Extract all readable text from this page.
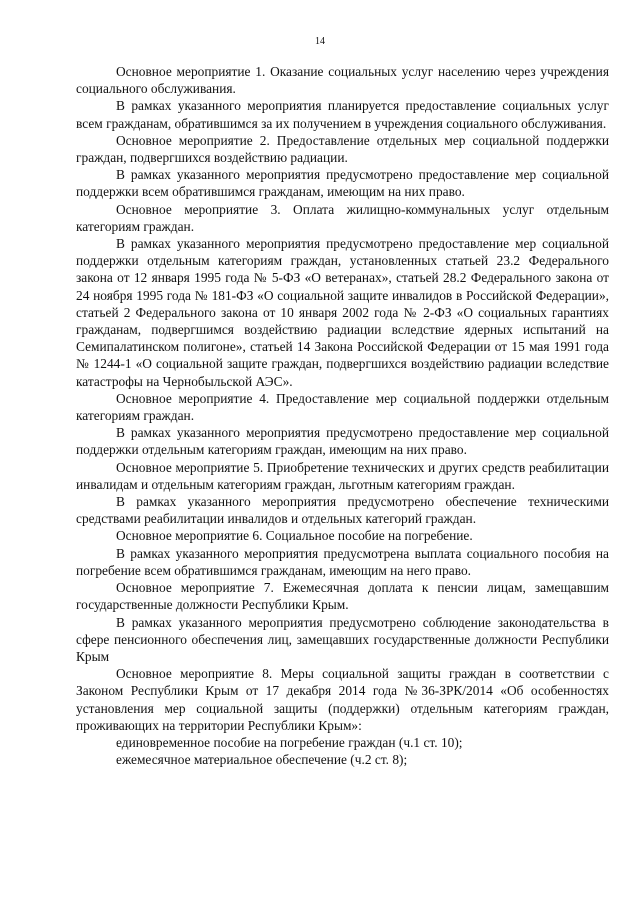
14

Основное мероприятие 1. Оказание социальных услуг населению через учреждения социального обслуживания.

В рамках указанного мероприятия планируется предоставление социальных услуг всем гражданам, обратившимся за их получением в учреждения социального обслуживания.

Основное мероприятие 2. Предоставление отдельных мер социальной поддержки граждан, подвергшихся воздействию радиации.

В рамках указанного мероприятия предусмотрено предоставление мер социальной поддержки всем обратившимся гражданам, имеющим на них право.

Основное мероприятие 3. Оплата жилищно-коммунальных услуг отдельным категориям граждан.

В рамках указанного мероприятия предусмотрено предоставление мер социальной поддержки отдельным категориям граждан, установленных статьей 23.2 Федерального закона от 12 января 1995 года № 5-ФЗ «О ветеранах», статьей 28.2 Федерального закона от 24 ноября 1995 года № 181-ФЗ «О социальной защите инвалидов в Российской Федерации», статьей 2 Федерального закона от 10 января 2002 года № 2-ФЗ «О социальных гарантиях гражданам, подвергшимся воздействию радиации вследствие ядерных испытаний на Семипалатинском полигоне», статьей 14 Закона Российской Федерации от 15 мая 1991 года № 1244-1 «О социальной защите граждан, подвергшихся воздействию радиации вследствие катастрофы на Чернобыльской АЭС».

Основное мероприятие 4. Предоставление мер социальной поддержки отдельным категориям граждан.

В рамках указанного мероприятия предусмотрено предоставление мер социальной поддержки отдельным категориям граждан, имеющим на них право.

Основное мероприятие 5. Приобретение технических и других средств реабилитации инвалидам и отдельным категориям граждан, льготным категориям граждан.

В рамках указанного мероприятия предусмотрено обеспечение техническими средствами реабилитации инвалидов и отдельных категорий граждан.

Основное мероприятие 6. Социальное пособие на погребение.

В рамках указанного мероприятия предусмотрена выплата социального пособия на погребение всем обратившимся гражданам, имеющим на него право.

Основное мероприятие 7. Ежемесячная доплата к пенсии лицам, замещавшим государственные должности Республики Крым.

В рамках указанного мероприятия предусмотрено соблюдение законодательства в сфере пенсионного обеспечения лиц, замещавших государственные должности Республики Крым

Основное мероприятие 8. Меры социальной защиты граждан в соответствии с Законом Республики Крым от 17 декабря 2014 года №36-ЗРК/2014 «Об особенностях установления мер социальной защиты (поддержки) отдельным категориям граждан, проживающих на территории Республики Крым»:

единовременное пособие на погребение граждан (ч.1 ст. 10);

ежемесячное материальное обеспечение (ч.2 ст. 8);
